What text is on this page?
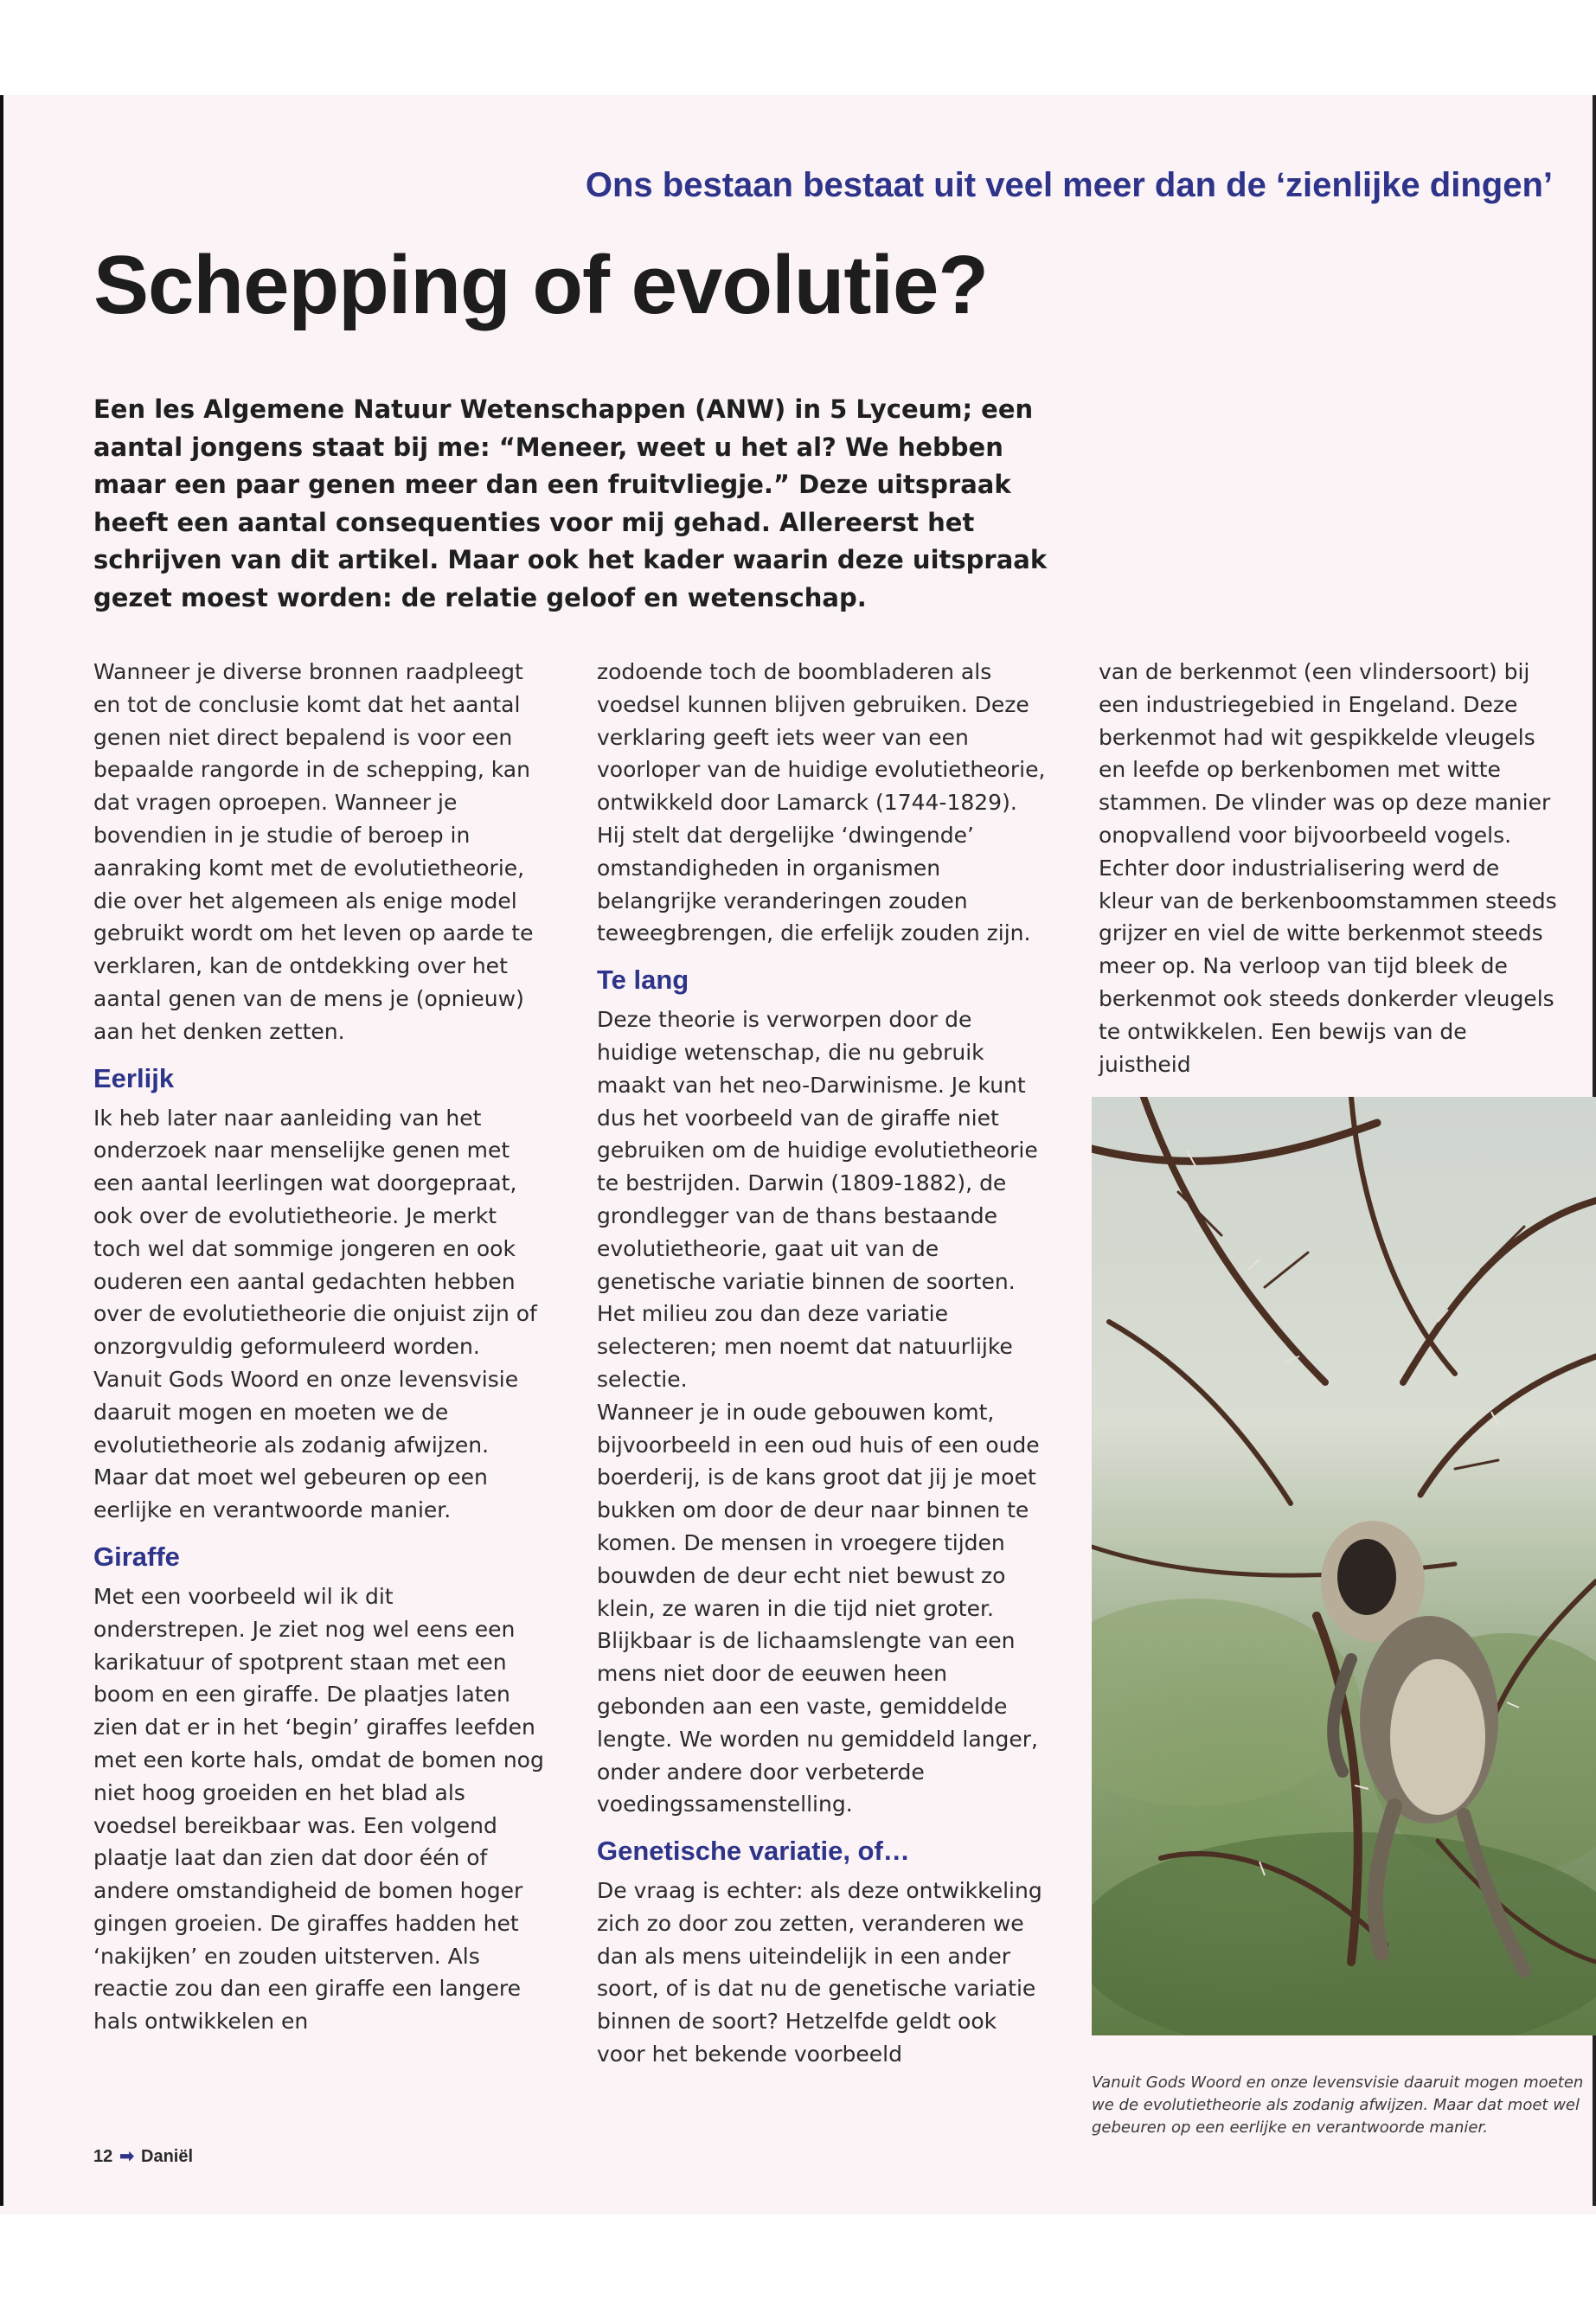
Ons bestaan bestaat uit veel meer dan de ‘zienlijke dingen’
Schepping of evolutie?
Een les Algemene Natuur Wetenschappen (ANW) in 5 Lyceum; een aantal jongens staat bij me: “Meneer, weet u het al? We hebben maar een paar genen meer dan een fruitvliegje.” Deze uitspraak heeft een aantal consequenties voor mij gehad. Allereerst het schrijven van dit artikel. Maar ook het kader waarin deze uitspraak gezet moest worden: de relatie geloof en wetenschap.

Wanneer je diverse bronnen raadpleegt en tot de conclusie komt dat het aantal genen niet direct bepalend is voor een bepaalde rangorde in de schepping, kan dat vragen oproepen. Wanneer je bovendien in je studie of beroep in aanraking komt met de evolutietheorie, die over het algemeen als enige model gebruikt wordt om het leven op aarde te verklaren, kan de ontdekking over het aantal genen van de mens je (opnieuw) aan het denken zetten.

Eerlijk

Ik heb later naar aanleiding van het onderzoek naar menselijke genen met een aantal leerlingen wat doorgepraat, ook over de evolutietheorie. Je merkt toch wel dat sommige jongeren en ook ouderen een aantal gedachten hebben over de evolutietheorie die onjuist zijn of onzorgvuldig geformuleerd worden. Vanuit Gods Woord en onze levensvisie daaruit mogen en moeten we de evolutietheorie als zodanig afwijzen. Maar dat moet wel gebeuren op een eerlijke en verantwoorde manier.

Giraffe

Met een voorbeeld wil ik dit onderstrepen. Je ziet nog wel eens een karikatuur of spotprent staan met een boom en een giraffe. De plaatjes laten zien dat er in het ‘begin’ giraffes leefden met een korte hals, omdat de bomen nog niet hoog groeiden en het blad als voedsel bereikbaar was. Een volgend plaatje laat dan zien dat door één of andere omstandigheid de bomen hoger gingen groeien. De giraffes hadden het ‘nakijken’ en zouden uitsterven. Als reactie zou dan een giraffe een langere hals ontwikkelen en

zodoende toch de boombladeren als voedsel kunnen blijven gebruiken. Deze verklaring geeft iets weer van een voorloper van de huidige evolutietheorie, ontwikkeld door Lamarck (1744-1829). Hij stelt dat dergelijke ‘dwingende’ omstandigheden in organismen belangrijke veranderingen zouden teweegbrengen, die erfelijk zouden zijn.

Te lang

Deze theorie is verworpen door de huidige wetenschap, die nu gebruik maakt van het neo-Darwinisme. Je kunt dus het voorbeeld van de giraffe niet gebruiken om de huidige evolutietheorie te bestrijden. Darwin (1809-1882), de grondlegger van de thans bestaande evolutietheorie, gaat uit van de genetische variatie binnen de soorten. Het milieu zou dan deze variatie selecteren; men noemt dat natuurlijke selectie.

Wanneer je in oude gebouwen komt, bijvoorbeeld in een oud huis of een oude boerderij, is de kans groot dat jij je moet bukken om door de deur naar binnen te komen. De mensen in vroegere tijden bouwden de deur echt niet bewust zo klein, ze waren in die tijd niet groter. Blijkbaar is de lichaamslengte van een mens niet door de eeuwen heen gebonden aan een vaste, gemiddelde lengte. We worden nu gemiddeld langer, onder andere door verbeterde voedingssamenstelling.

Genetische variatie, of…

De vraag is echter: als deze ontwikkeling zich zo door zou zetten, veranderen we dan als mens uiteindelijk in een ander soort, of is dat nu de genetische variatie binnen de soort? Hetzelfde geldt ook voor het bekende voorbeeld

van de berkenmot (een vlindersoort) bij een industriegebied in Engeland. Deze berkenmot had wit gespikkelde vleugels en leefde op berkenbomen met witte stammen. De vlinder was op deze manier onopvallend voor bijvoorbeeld vogels. Echter door industrialisering werd de kleur van de berkenboomstammen steeds grijzer en viel de witte berkenmot steeds meer op. Na verloop van tijd bleek de berkenmot ook steeds donkerder vleugels te ontwikkelen. Een bewijs van de juistheid

Vanuit Gods Woord en onze levensvisie daaruit mogen moeten we de evolutietheorie als zodanig afwijzen. Maar dat moet wel gebeuren op een eerlijke en verantwoorde manier.
12 ➡ Daniël
